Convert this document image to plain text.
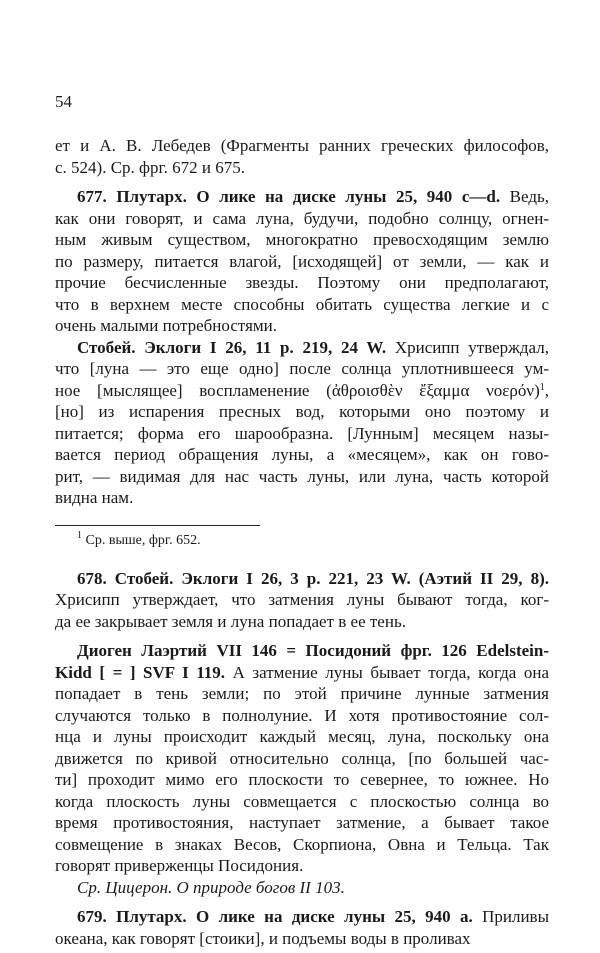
54
ет и А. В. Лебедев (Фрагменты ранних греческих философов,
с. 524). Ср. фрг. 672 и 675.
677. Плутарх. О лике на диске луны 25, 940 c—d. Ведь,
как они говорят, и сама луна, будучи, подобно солнцу, огнен-
ным живым существом, многократно превосходящим землю
по размеру, питается влагой, [исходящей] от земли, — как и
прочие бесчисленные звезды. Поэтому они предполагают,
что в верхнем месте способны обитать существа легкие и с
очень малыми потребностями.
Стобей. Эклоги I 26, 11 p. 219, 24 W. Хрисипп утверждал,
что [луна — это еще одно] после солнца уплотнившееся ум-
ное [мыслящее] воспламенение (ἀθροισθὲν ἔξαμμα νοερόν)$^1$,
[но] из испарения пресных вод, которыми оно поэтому и
питается; форма его шарообразна. [Лунным] месяцем назы-
вается период обращения луны, а «месяцем», как он гово-
рит, — видимая для нас часть луны, или луна, часть которой
видна нам.
$^1$ Ср. выше, фрг. 652.
678. Стобей. Эклоги I 26, 3 p. 221, 23 W. (Аэтий II 29, 8).
Хрисипп утверждает, что затмения луны бывают тогда, ког-
да ее закрывает земля и луна попадает в ее тень.
Диоген Лаэртий VII 146 = Посидоний фрг. 126 Edelstein-
Kidd [ = ] SVF I 119. А затмение луны бывает тогда, когда она
попадает в тень земли; по этой причине лунные затмения
случаются только в полнолуние. И хотя противостояние сол-
нца и луны происходит каждый месяц, луна, поскольку она
движется по кривой относительно солнца, [по большей час-
ти] проходит мимо его плоскости то севернее, то южнее. Но
когда плоскость луны совмещается с плоскостью солнца во
время противостояния, наступает затмение, а бывает такое
совмещение в знаках Весов, Скорпиона, Овна и Тельца. Так
говорят приверженцы Посидония.
Ср. Цицерон. О природе богов II 103.
679. Плутарх. О лике на диске луны 25, 940 a. Приливы
океана, как говорят [стоики], и подъемы воды в проливах
